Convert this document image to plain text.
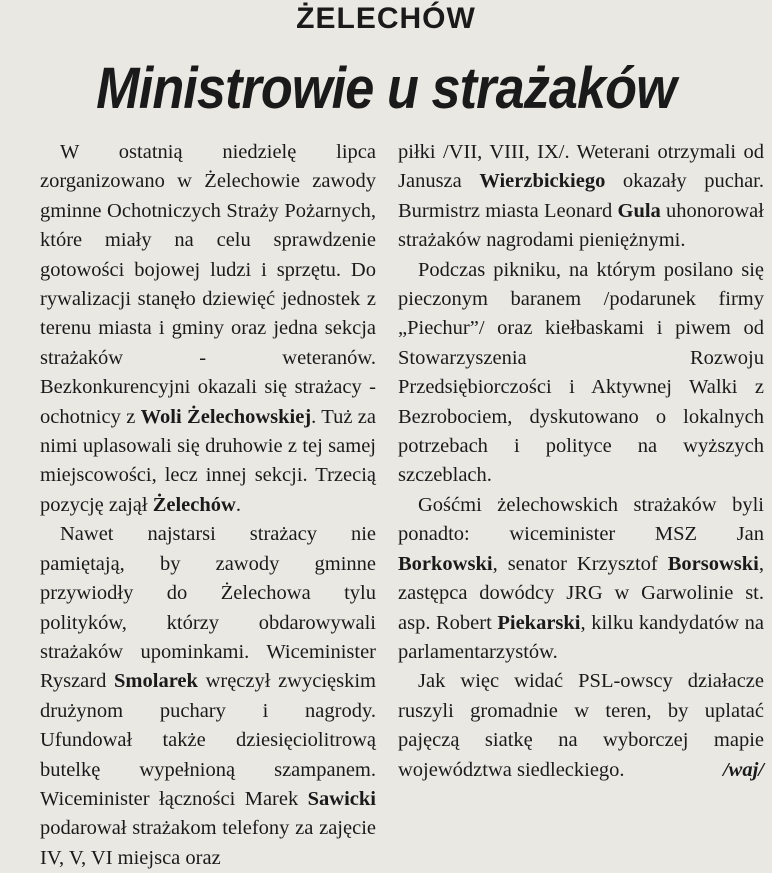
ŻELECHÓW
Ministrowie u strażaków

W ostatnią niedzielę lipca zorganizowano w Żelechowie zawody gminne Ochotniczych Straży Pożarnych, które miały na celu sprawdzenie gotowości bojowej ludzi i sprzętu. Do rywalizacji stanęło dziewięć jednostek z terenu miasta i gminy oraz jedna sekcja strażaków - weteranów. Bezkonkurencyjni okazali się strażacy - ochotnicy z Woli Żelechowskiej. Tuż za nimi uplasowali się druhowie z tej samej miejscowości, lecz innej sekcji. Trzecią pozycję zajął Żelechów.

Nawet najstarsi strażacy nie pamiętają, by zawody gminne przywiodły do Żelechowa tylu polityków, którzy obdarowywali strażaków upominkami. Wiceminister Ryszard Smolarek wręczył zwycięskim drużynom puchary i nagrody. Ufundował także dziesięciolitrową butelkę wypełnioną szampanem. Wiceminister łączności Marek Sawicki podarował strażakom telefony za zajęcie IV, V, VI miejsca oraz

piłki /VII, VIII, IX/. Weterani otrzymali od Janusza Wierzbickiego okazały puchar. Burmistrz miasta Leonard Gula uhonorował strażaków nagrodami pieniężnymi.

Podczas pikniku, na którym posilano się pieczonym baranem /podarunek firmy „Piechur”/ oraz kiełbaskami i piwem od Stowarzyszenia Rozwoju Przedsiębiorczości i Aktywnej Walki z Bezrobociem, dyskutowano o lokalnych potrzebach i polityce na wyższych szczeblach.

Gośćmi żelechowskich strażaków byli ponadto: wiceminister MSZ Jan Borkowski, senator Krzysztof Borsowski, zastępca dowódcy JRG w Garwolinie st. asp. Robert Piekarski, kilku kandydatów na parlamentarzystów.

Jak więc widać PSL-owscy działacze ruszyli gromadnie w teren, by uplatać pajęczą siatkę na wyborczej mapie województwa siedleckiego.	/waj/
